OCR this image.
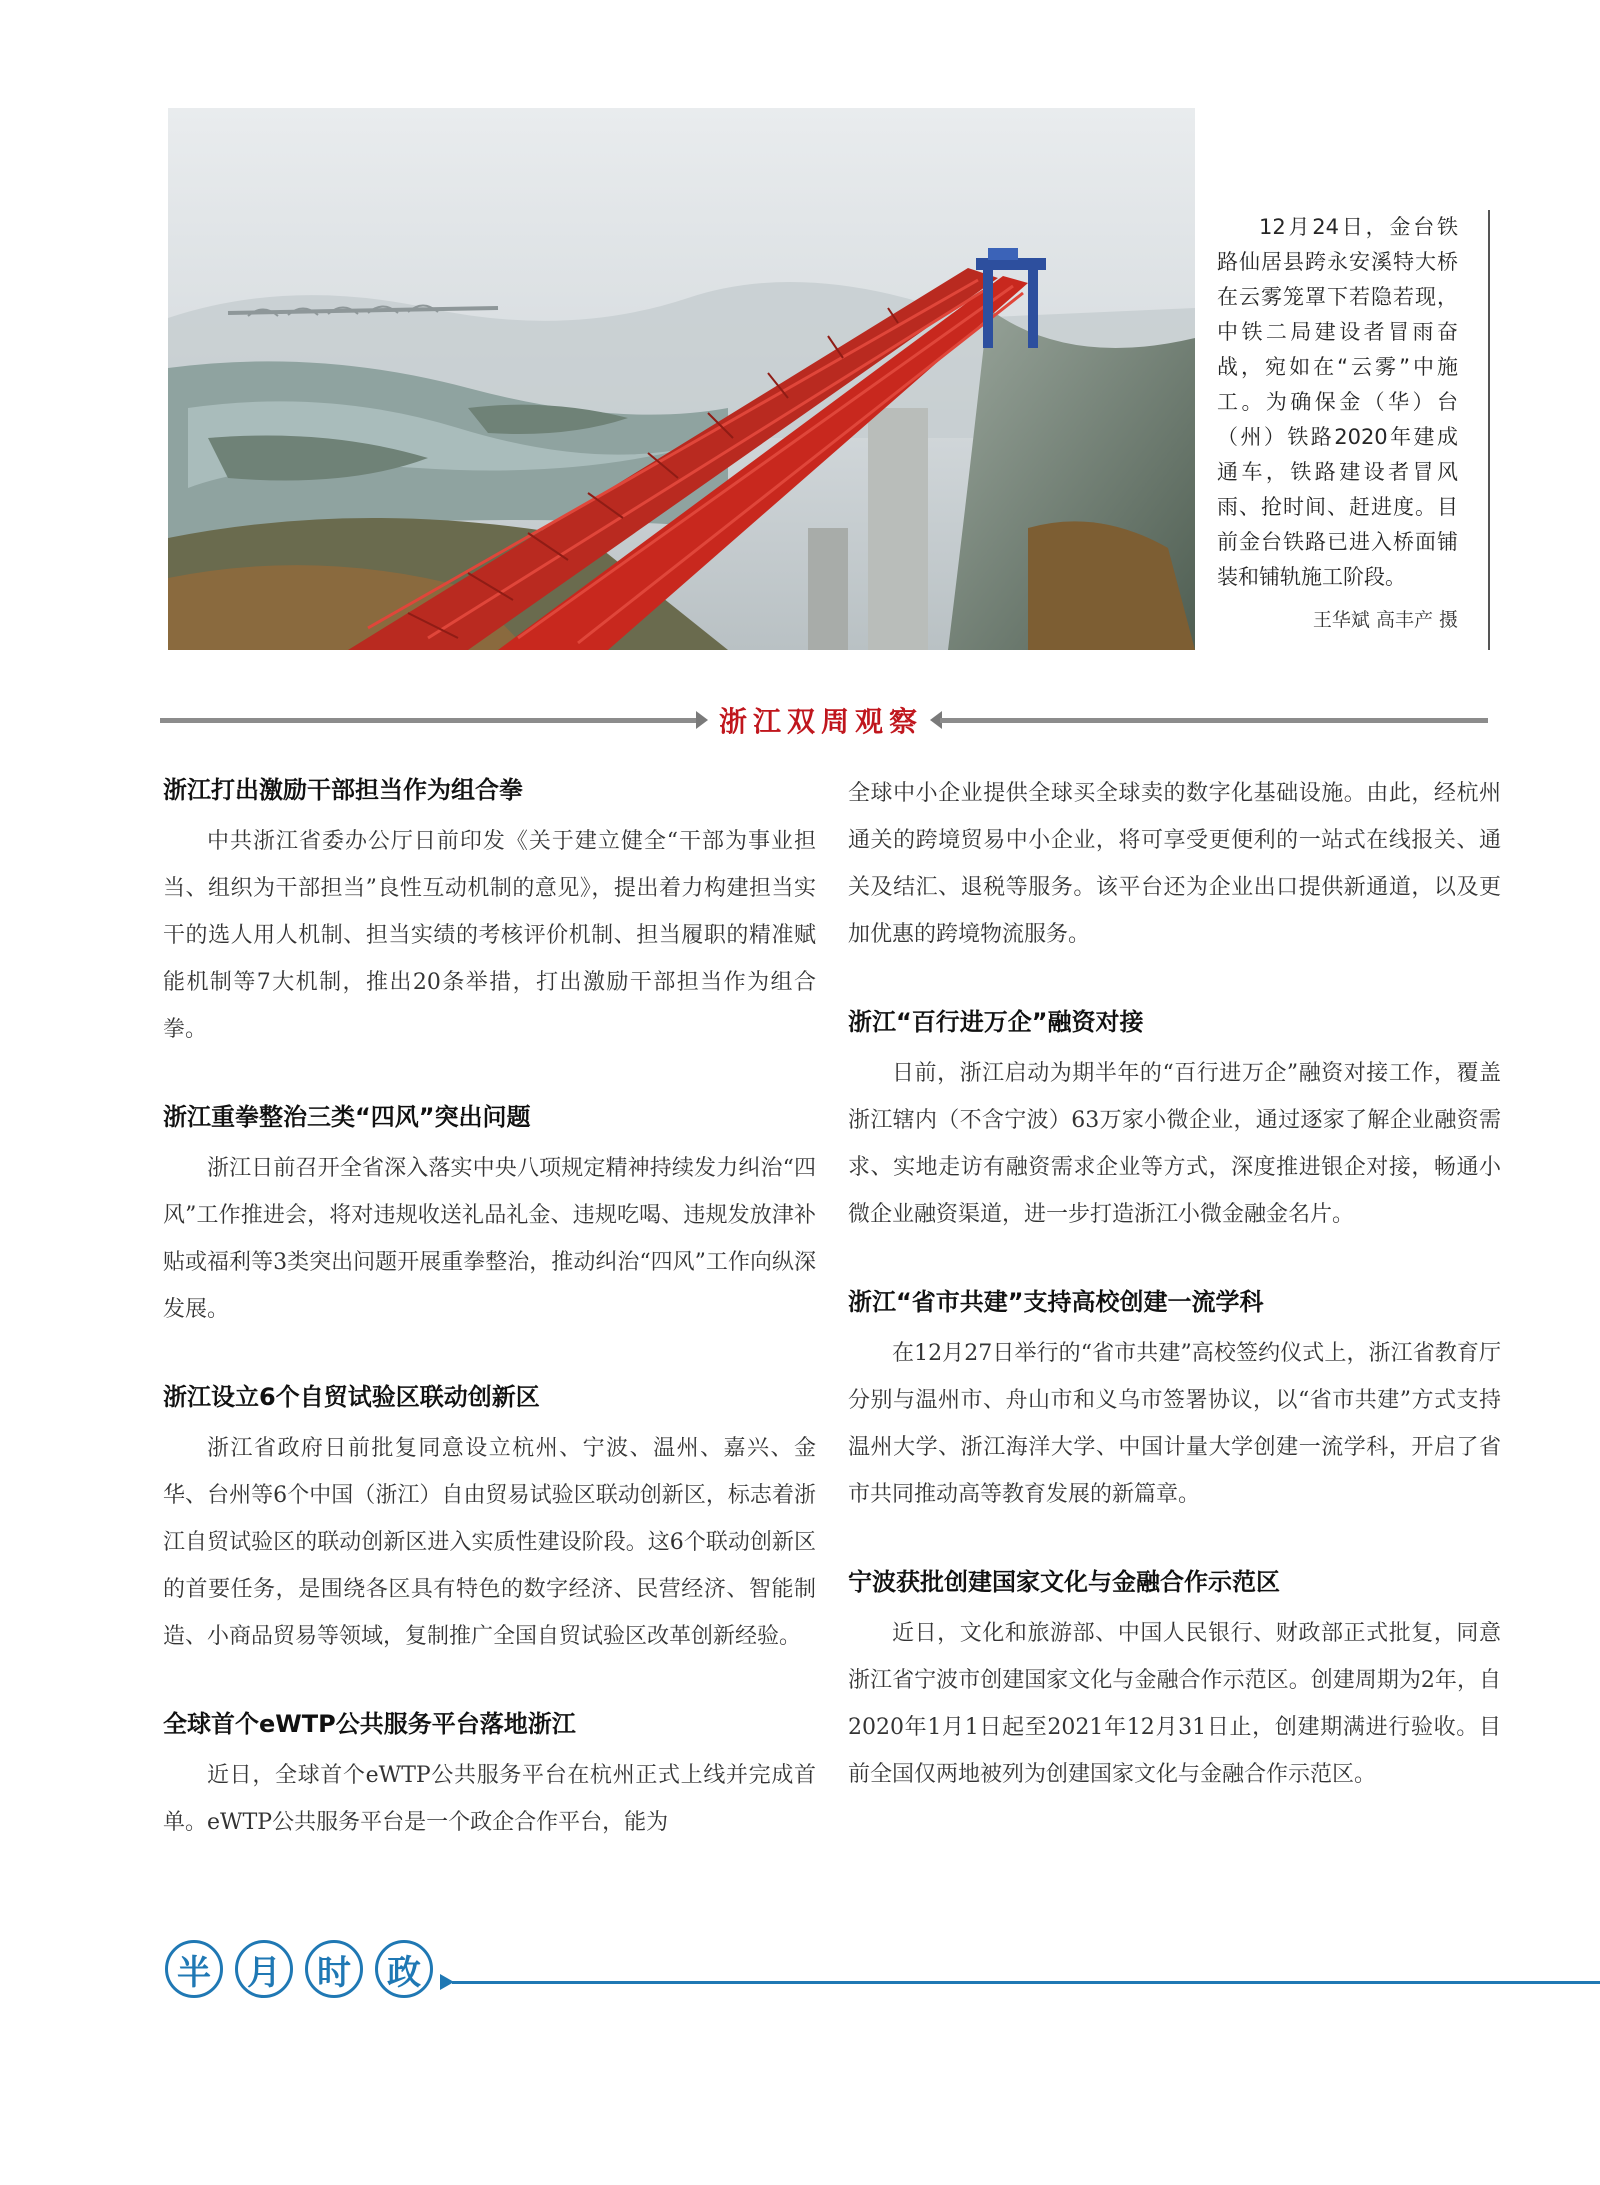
12月24日，金台铁路仙居县跨永安溪特大桥在云雾笼罩下若隐若现，中铁二局建设者冒雨奋战，宛如在“云雾”中施工。为确保金（华）台（州）铁路2020年建成通车，铁路建设者冒风雨、抢时间、赶进度。目前金台铁路已进入桥面铺装和铺轨施工阶段。

王华斌 高丰产 摄
浙江双周观察
浙江打出激励干部担当作为组合拳

中共浙江省委办公厅日前印发《关于建立健全“干部为事业担当、组织为干部担当”良性互动机制的意见》，提出着力构建担当实干的选人用人机制、担当实绩的考核评价机制、担当履职的精准赋能机制等7大机制，推出20条举措，打出激励干部担当作为组合拳。

浙江重拳整治三类“四风”突出问题

浙江日前召开全省深入落实中央八项规定精神持续发力纠治“四风”工作推进会，将对违规收送礼品礼金、违规吃喝、违规发放津补贴或福利等3类突出问题开展重拳整治，推动纠治“四风”工作向纵深发展。

浙江设立6个自贸试验区联动创新区

浙江省政府日前批复同意设立杭州、宁波、温州、嘉兴、金华、台州等6个中国（浙江）自由贸易试验区联动创新区，标志着浙江自贸试验区的联动创新区进入实质性建设阶段。这6个联动创新区的首要任务，是围绕各区具有特色的数字经济、民营经济、智能制造、小商品贸易等领域，复制推广全国自贸试验区改革创新经验。

全球首个eWTP公共服务平台落地浙江

近日，全球首个eWTP公共服务平台在杭州正式上线并完成首单。eWTP公共服务平台是一个政企合作平台，能为

全球中小企业提供全球买全球卖的数字化基础设施。由此，经杭州通关的跨境贸易中小企业，将可享受更便利的一站式在线报关、通关及结汇、退税等服务。该平台还为企业出口提供新通道，以及更加优惠的跨境物流服务。

浙江“百行进万企”融资对接

日前，浙江启动为期半年的“百行进万企”融资对接工作，覆盖浙江辖内（不含宁波）63万家小微企业，通过逐家了解企业融资需求、实地走访有融资需求企业等方式，深度推进银企对接，畅通小微企业融资渠道，进一步打造浙江小微金融金名片。

浙江“省市共建”支持高校创建一流学科

在12月27日举行的“省市共建”高校签约仪式上，浙江省教育厅分别与温州市、舟山市和义乌市签署协议，以“省市共建”方式支持温州大学、浙江海洋大学、中国计量大学创建一流学科，开启了省市共同推动高等教育发展的新篇章。

宁波获批创建国家文化与金融合作示范区

近日，文化和旅游部、中国人民银行、财政部正式批复，同意浙江省宁波市创建国家文化与金融合作示范区。创建周期为2年，自2020年1月1日起至2021年12月31日止，创建期满进行验收。目前全国仅两地被列为创建国家文化与金融合作示范区。

半	月	时	政
